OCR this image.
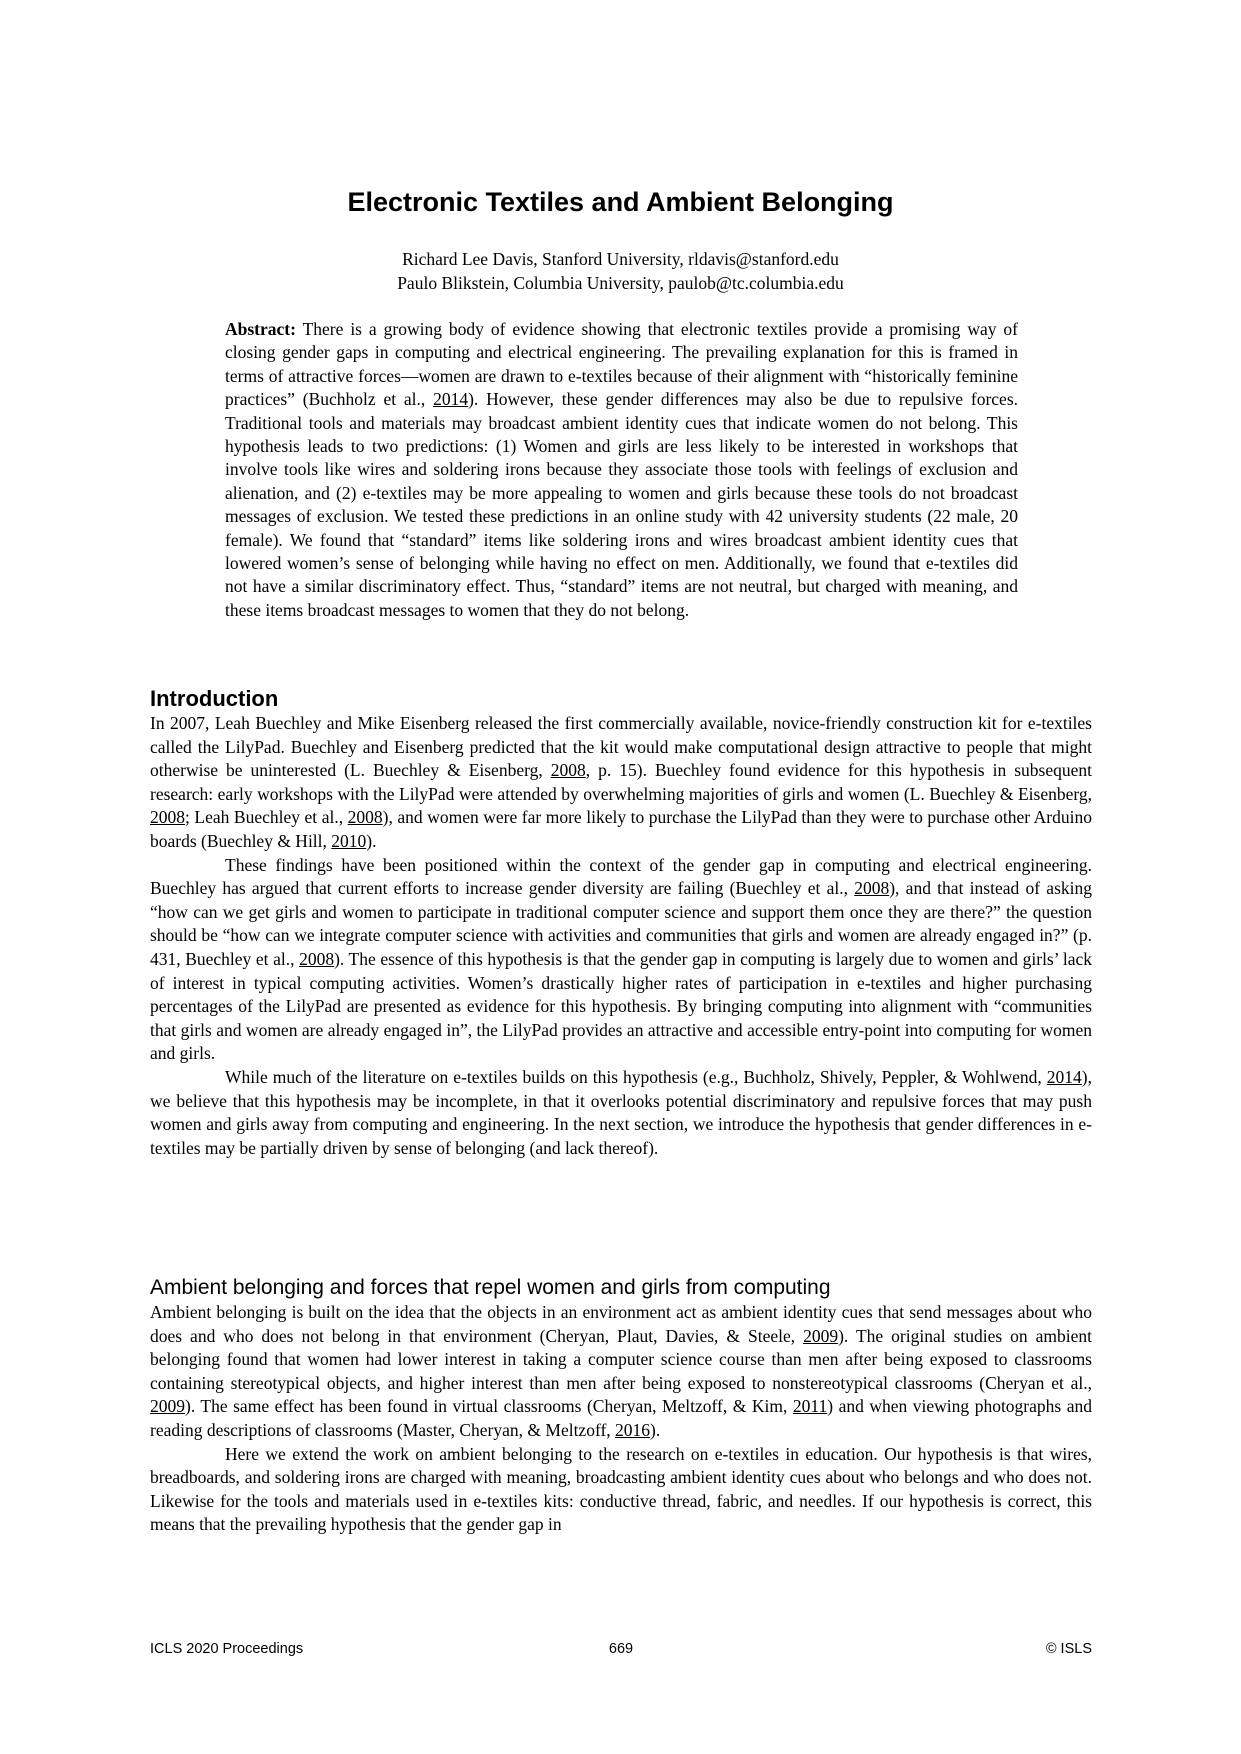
Electronic Textiles and Ambient Belonging
Richard Lee Davis, Stanford University, rldavis@stanford.edu
Paulo Blikstein, Columbia University, paulob@tc.columbia.edu
Abstract: There is a growing body of evidence showing that electronic textiles provide a promising way of closing gender gaps in computing and electrical engineering. The prevailing explanation for this is framed in terms of attractive forces—women are drawn to e-textiles because of their alignment with “historically feminine practices” (Buchholz et al., 2014). However, these gender differences may also be due to repulsive forces. Traditional tools and materials may broadcast ambient identity cues that indicate women do not belong. This hypothesis leads to two predictions: (1) Women and girls are less likely to be interested in workshops that involve tools like wires and soldering irons because they associate those tools with feelings of exclusion and alienation, and (2) e-textiles may be more appealing to women and girls because these tools do not broadcast messages of exclusion. We tested these predictions in an online study with 42 university students (22 male, 20 female). We found that “standard” items like soldering irons and wires broadcast ambient identity cues that lowered women’s sense of belonging while having no effect on men. Additionally, we found that e-textiles did not have a similar discriminatory effect. Thus, “standard” items are not neutral, but charged with meaning, and these items broadcast messages to women that they do not belong.
Introduction

In 2007, Leah Buechley and Mike Eisenberg released the first commercially available, novice-friendly construction kit for e-textiles called the LilyPad. Buechley and Eisenberg predicted that the kit would make computational design attractive to people that might otherwise be uninterested (L. Buechley & Eisenberg, 2008, p. 15). Buechley found evidence for this hypothesis in subsequent research: early workshops with the LilyPad were attended by overwhelming majorities of girls and women (L. Buechley & Eisenberg, 2008; Leah Buechley et al., 2008), and women were far more likely to purchase the LilyPad than they were to purchase other Arduino boards (Buechley & Hill, 2010).

These findings have been positioned within the context of the gender gap in computing and electrical engineering. Buechley has argued that current efforts to increase gender diversity are failing (Buechley et al., 2008), and that instead of asking “how can we get girls and women to participate in traditional computer science and support them once they are there?” the question should be “how can we integrate computer science with activities and communities that girls and women are already engaged in?” (p. 431, Buechley et al., 2008). The essence of this hypothesis is that the gender gap in computing is largely due to women and girls’ lack of interest in typical computing activities. Women’s drastically higher rates of participation in e-textiles and higher purchasing percentages of the LilyPad are presented as evidence for this hypothesis. By bringing computing into alignment with “communities that girls and women are already engaged in”, the LilyPad provides an attractive and accessible entry-point into computing for women and girls.

While much of the literature on e-textiles builds on this hypothesis (e.g., Buchholz, Shively, Peppler, & Wohlwend, 2014), we believe that this hypothesis may be incomplete, in that it overlooks potential discriminatory and repulsive forces that may push women and girls away from computing and engineering. In the next section, we introduce the hypothesis that gender differences in e-textiles may be partially driven by sense of belonging (and lack thereof).

Ambient belonging and forces that repel women and girls from computing

Ambient belonging is built on the idea that the objects in an environment act as ambient identity cues that send messages about who does and who does not belong in that environment (Cheryan, Plaut, Davies, & Steele, 2009). The original studies on ambient belonging found that women had lower interest in taking a computer science course than men after being exposed to classrooms containing stereotypical objects, and higher interest than men after being exposed to nonstereotypical classrooms (Cheryan et al., 2009). The same effect has been found in virtual classrooms (Cheryan, Meltzoff, & Kim, 2011) and when viewing photographs and reading descriptions of classrooms (Master, Cheryan, & Meltzoff, 2016).

Here we extend the work on ambient belonging to the research on e-textiles in education. Our hypothesis is that wires, breadboards, and soldering irons are charged with meaning, broadcasting ambient identity cues about who belongs and who does not. Likewise for the tools and materials used in e-textiles kits: conductive thread, fabric, and needles. If our hypothesis is correct, this means that the prevailing hypothesis that the gender gap in

ICLS 2020 Proceedings	669	© ISLS
